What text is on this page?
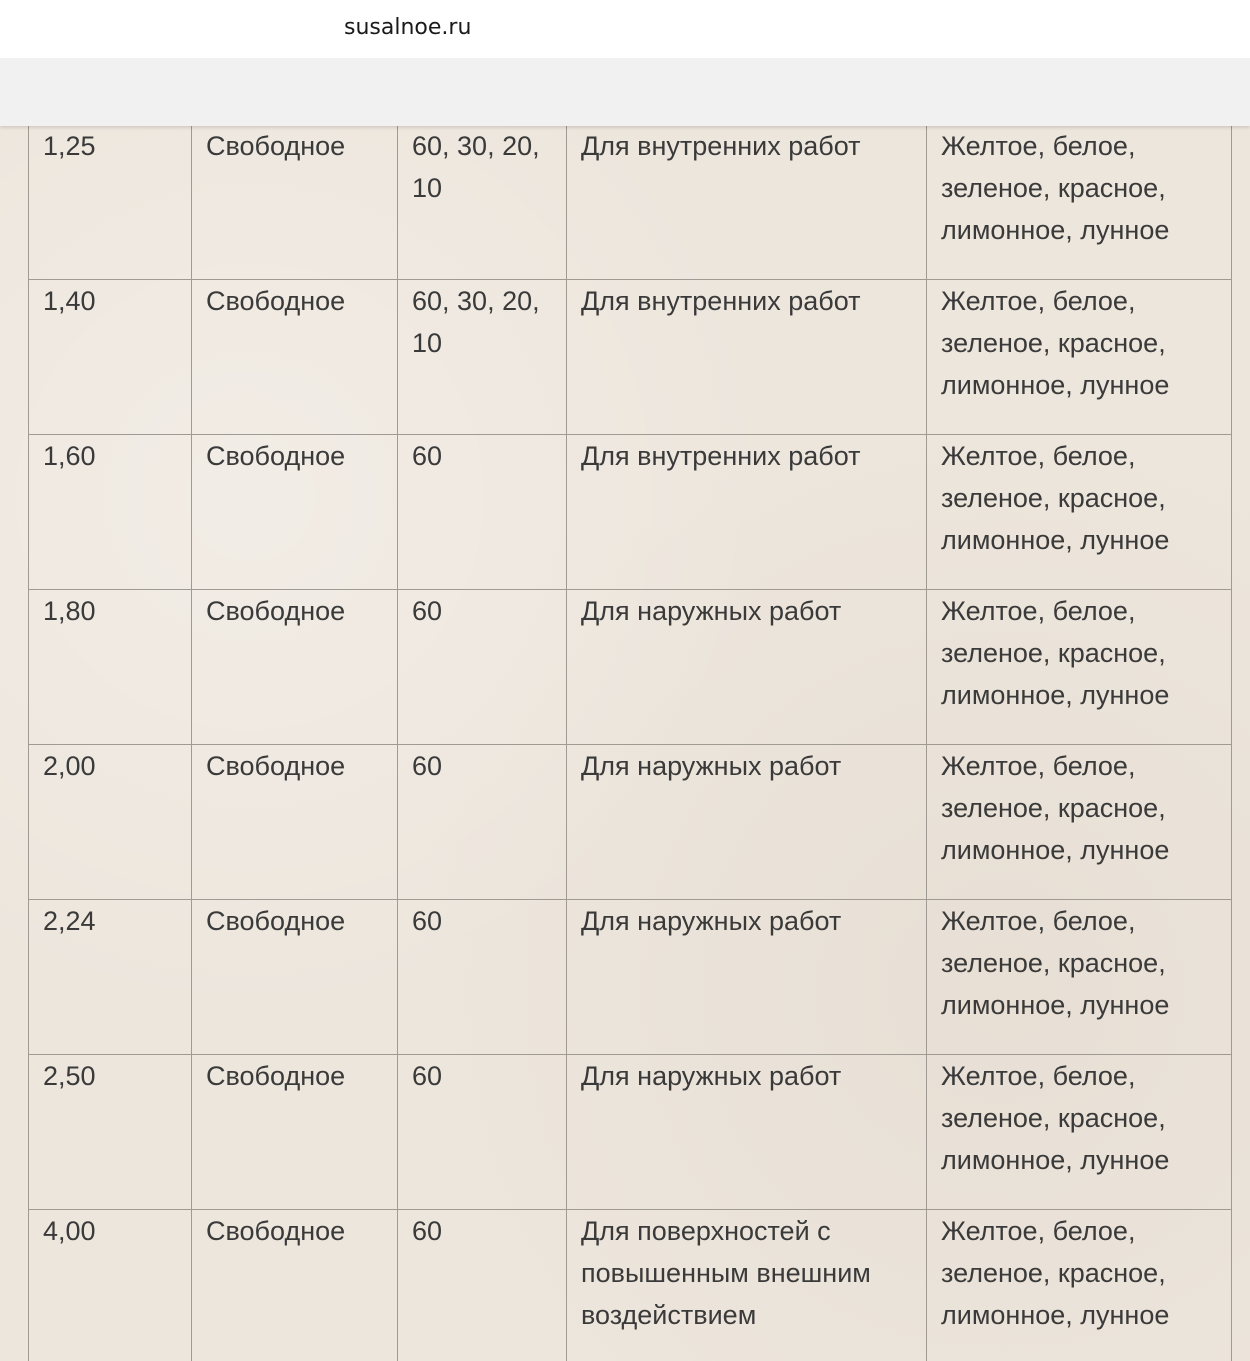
susalnoe.ru
1,25	Свободное	60, 30, 20, 10	Для внутренних работ	Желтое, белое, зеленое, красное, лимонное, лунное

1,40	Свободное	60, 30, 20, 10	Для внутренних работ	Желтое, белое, зеленое, красное, лимонное, лунное

1,60	Свободное	60	Для внутренних работ	Желтое, белое, зеленое, красное, лимонное, лунное

1,80	Свободное	60	Для наружных работ	Желтое, белое, зеленое, красное, лимонное, лунное

2,00	Свободное	60	Для наружных работ	Желтое, белое, зеленое, красное, лимонное, лунное

2,24	Свободное	60	Для наружных работ	Желтое, белое, зеленое, красное, лимонное, лунное

2,50	Свободное	60	Для наружных работ	Желтое, белое, зеленое, красное, лимонное, лунное

4,00	Свободное	60	Для поверхностей с повышенным внешним воздействием	Желтое, белое, зеленое, красное, лимонное, лунное
